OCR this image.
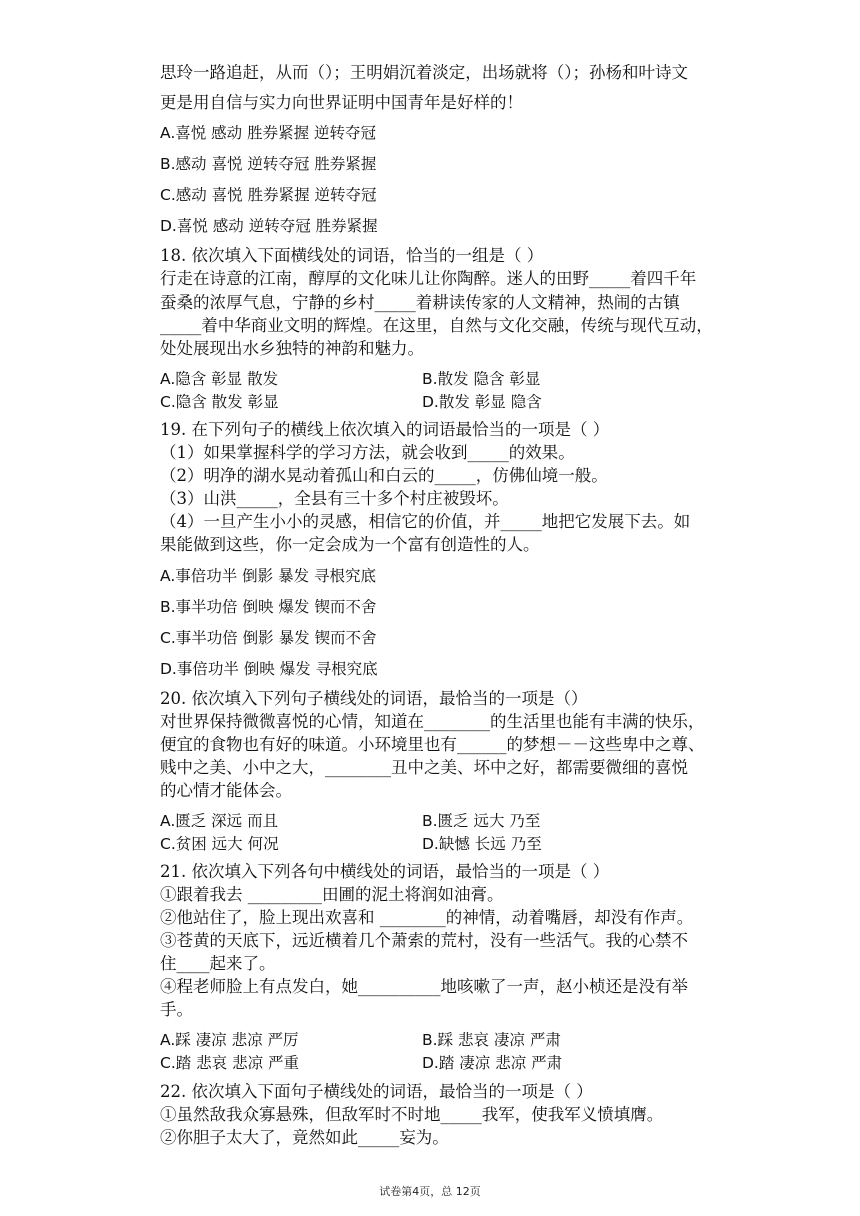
思玲一路追赶，从而（）；王明娟沉着淡定，出场就将（）；孙杨和叶诗文
更是用自信与实力向世界证明中国青年是好样的！
A.喜悦 感动 胜券紧握 逆转夺冠
B.感动 喜悦 逆转夺冠 胜券紧握
C.感动 喜悦 胜券紧握 逆转夺冠
D.喜悦 感动 逆转夺冠 胜券紧握
18. 依次填入下面横线处的词语，恰当的一组是（ ）
行走在诗意的江南，醇厚的文化味儿让你陶醉。迷人的田野_____着四千年
蚕桑的浓厚气息，宁静的乡村_____着耕读传家的人文精神，热闹的古镇
_____着中华商业文明的辉煌。在这里，自然与文化交融，传统与现代互动，
处处展现出水乡独特的神韵和魅力。
A.隐含 彰显 散发	B.散发 隐含 彰显
C.隐含 散发 彰显	D.散发 彰显 隐含
19. 在下列句子的横线上依次填入的词语最恰当的一项是（ ）
（1）如果掌握科学的学习方法，就会收到_____的效果。
（2）明净的湖水晃动着孤山和白云的_____，仿佛仙境一般。
（3）山洪_____，全县有三十多个村庄被毁坏。
（4）一旦产生小小的灵感，相信它的价值，并_____地把它发展下去。如
果能做到这些，你一定会成为一个富有创造性的人。
A.事倍功半 倒影 暴发 寻根究底
B.事半功倍 倒映 爆发 锲而不舍
C.事半功倍 倒影 暴发 锲而不舍
D.事倍功半 倒映 爆发 寻根究底
20. 依次填入下列句子横线处的词语，最恰当的一项是（）
对世界保持微微喜悦的心情，知道在________的生活里也能有丰满的快乐，
便宜的食物也有好的味道。小环境里也有______的梦想－－这些卑中之尊、
贱中之美、小中之大，________丑中之美、坏中之好，都需要微细的喜悦
的心情才能体会。
A.匮乏 深远 而且	B.匮乏 远大 乃至
C.贫困 远大 何况	D.缺憾 长远 乃至
21. 依次填入下列各句中横线处的词语，最恰当的一项是（ ）
①跟着我去 _________田圃的泥土将润如油膏。
②他站住了，脸上现出欢喜和 ________的神情，动着嘴唇，却没有作声。
③苍黄的天底下，远近横着几个萧索的荒村，没有一些活气。我的心禁不
住____起来了。
④程老师脸上有点发白，她__________地咳嗽了一声，赵小桢还是没有举
手。
A.踩 凄凉 悲凉 严厉	B.踩 悲哀 凄凉 严肃
C.踏 悲哀 悲凉 严重	D.踏 凄凉 悲凉 严肃
22. 依次填入下面句子横线处的词语，最恰当的一项是（ ）
①虽然敌我众寡悬殊，但敌军时不时地_____我军，使我军义愤填膺。
②你胆子太大了，竟然如此_____妄为。
试卷第4页，总 12页
